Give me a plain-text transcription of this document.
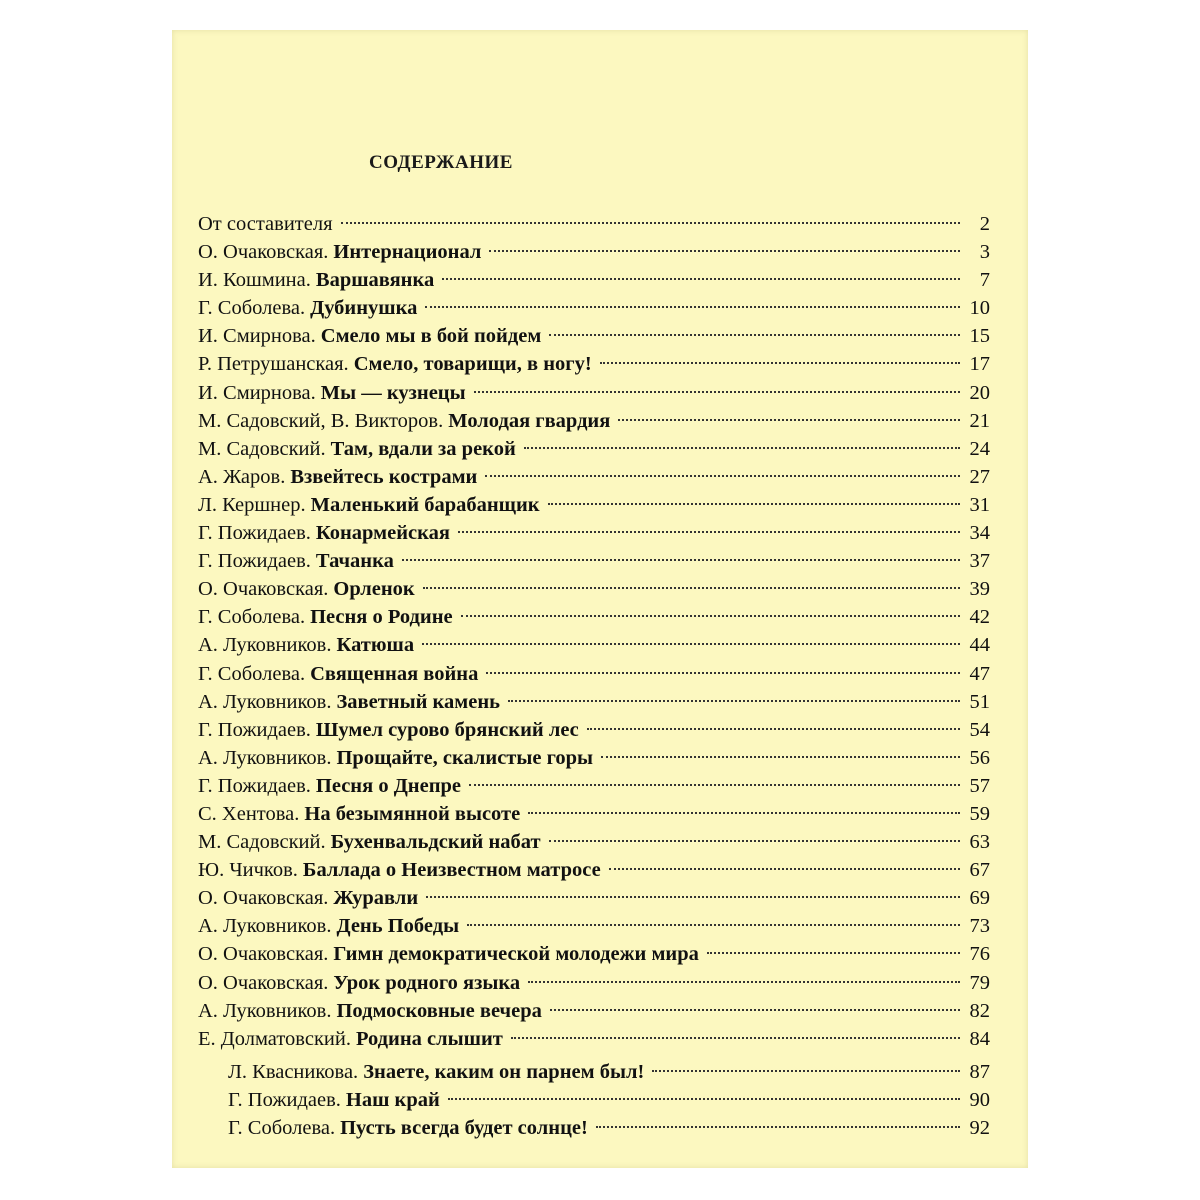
СОДЕРЖАНИЕ
От составителя	2
О. Очаковская. Интернационал	3
И. Кошмина. Варшавянка	7
Г. Соболева. Дубинушка	10
И. Смирнова. Смело мы в бой пойдем	15
Р. Петрушанская. Смело, товарищи, в ногу!	17
И. Смирнова. Мы — кузнецы	20
М. Садовский, В. Викторов. Молодая гвардия	21
М. Садовский. Там, вдали за рекой	24
А. Жаров. Взвейтесь кострами	27
Л. Кершнер. Маленький барабанщик	31
Г. Пожидаев. Конармейская	34
Г. Пожидаев. Тачанка	37
О. Очаковская. Орленок	39
Г. Соболева. Песня о Родине	42
А. Луковников. Катюша	44
Г. Соболева. Священная война	47
А. Луковников. Заветный камень	51
Г. Пожидаев. Шумел сурово брянский лес	54
А. Луковников. Прощайте, скалистые горы	56
Г. Пожидаев. Песня о Днепре	57
С. Хентова. На безымянной высоте	59
М. Садовский. Бухенвальдский набат	63
Ю. Чичков. Баллада о Неизвестном матросе	67
О. Очаковская. Журавли	69
А. Луковников. День Победы	73
О. Очаковская. Гимн демократической молодежи мира	76
О. Очаковская. Урок родного языка	79
А. Луковников. Подмосковные вечера	82
Е. Долматовский. Родина слышит	84
Л. Квасникова. Знаете, каким он парнем был!	87
Г. Пожидаев. Наш край	90
Г. Соболева. Пусть всегда будет солнце!	92
